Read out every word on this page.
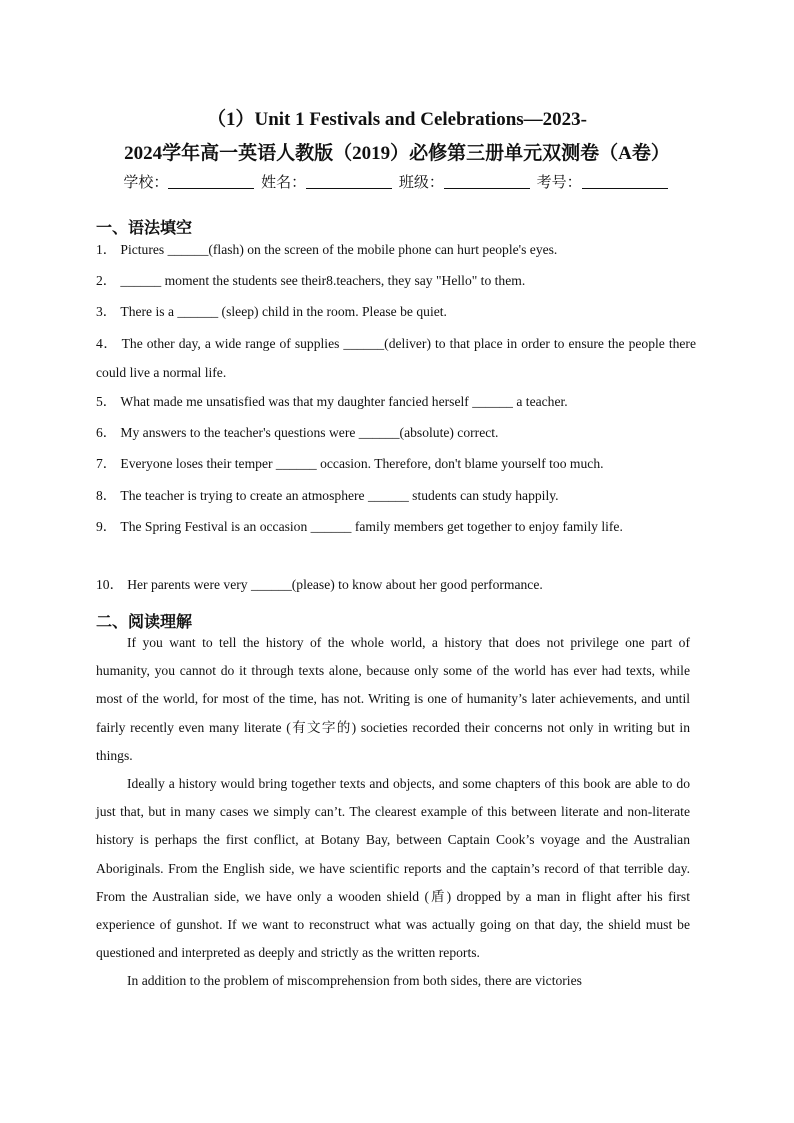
（1）Unit 1 Festivals and Celebrations—2023-
2024学年高一英语人教版（2019）必修第三册单元双测卷（A卷）
学校：	姓名：	班级：	考号：
一、语法填空
1． Pictures ______(flash) on the screen of the mobile phone can hurt people's eyes.
2． ______ moment the students see their8.teachers, they say "Hello" to them.
3． There is a ______ (sleep) child in the room. Please be quiet.
4． The other day, a wide range of supplies ______(deliver) to that place in order to ensure the people there could live a normal life.
5． What made me unsatisfied was that my daughter fancied herself ______ a teacher.
6． My answers to the teacher's questions were ______(absolute) correct.
7． Everyone loses their temper ______ occasion. Therefore, don't blame yourself too much.
8． The teacher is trying to create an atmosphere ______ students can study happily.
9． The Spring Festival is an occasion ______ family members get together to enjoy family life.
10． Her parents were very ______(please) to know about her good performance.
二、阅读理解

If you want to tell the history of the whole world, a history that does not privilege one part of humanity, you cannot do it through texts alone, because only some of the world has ever had texts, while most of the world, for most of the time, has not. Writing is one of humanity’s later achievements, and until fairly recently even many literate (有文字的) societies recorded their concerns not only in writing but in things.

Ideally a history would bring together texts and objects, and some chapters of this book are able to do just that, but in many cases we simply can’t. The clearest example of this between literate and non-literate history is perhaps the first conflict, at Botany Bay, between Captain Cook’s voyage and the Australian Aboriginals. From the English side, we have scientific reports and the captain’s record of that terrible day. From the Australian side, we have only a wooden shield (盾) dropped by a man in flight after his first experience of gunshot. If we want to reconstruct what was actually going on that day, the shield must be questioned and interpreted as deeply and strictly as the written reports.

In addition to the problem of miscomprehension from both sides, there are victories
